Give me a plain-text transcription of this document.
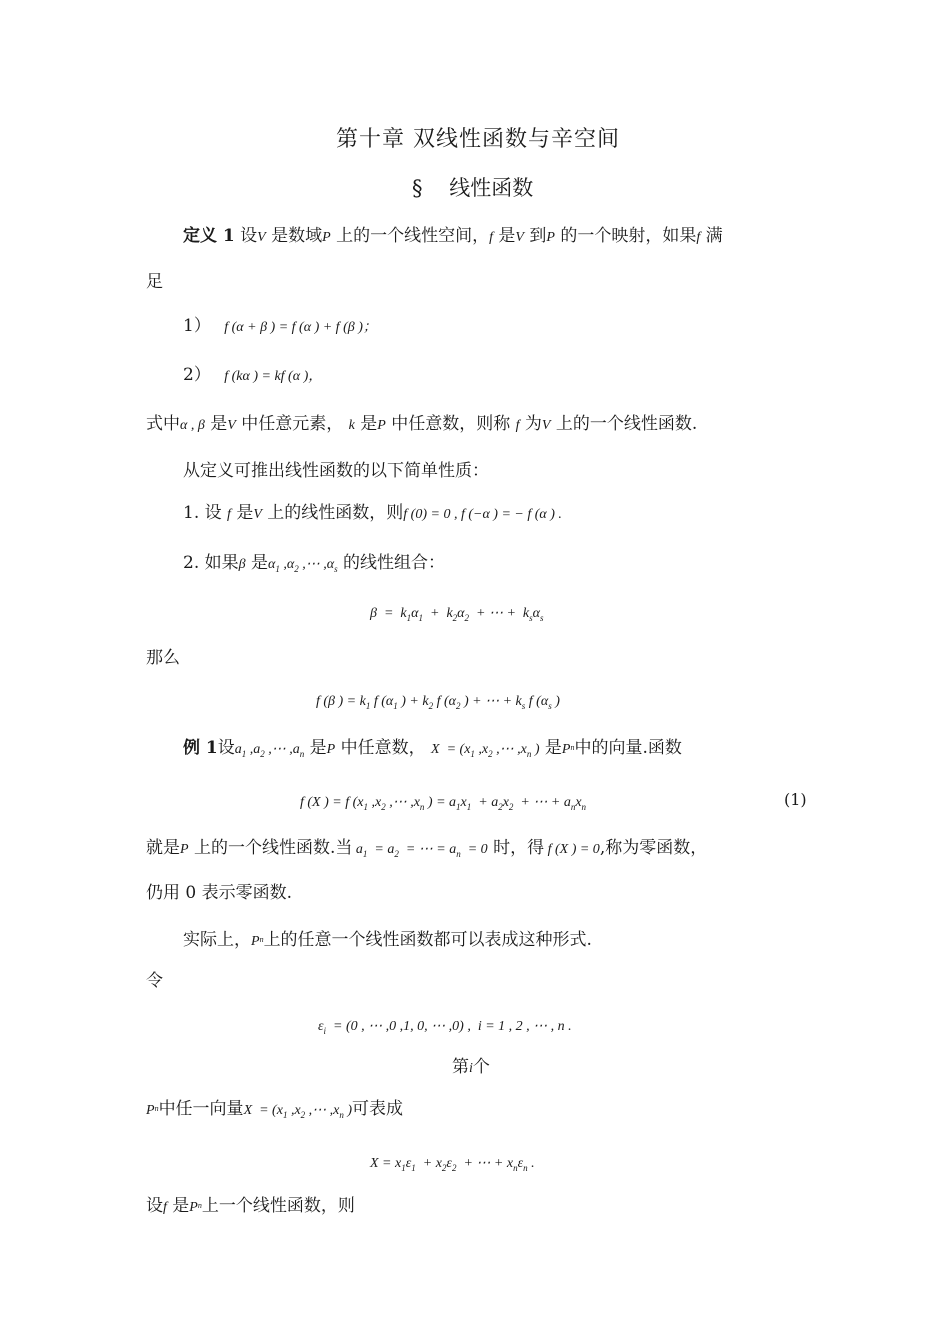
第十章 双线性函数与辛空间
§    线性函数
定义 1 设V 是数域P 上的一个线性空间，f 是V 到P 的一个映射，如果f 满
足
1） f (α + β ) = f (α ) + f (β )；
2） f (kα ) = kf (α )，
式中α , β 是V 中任意元素， k 是P 中任意数，则称 f 为V 上的一个线性函数.
从定义可推出线性函数的以下简单性质：
1. 设 f 是V 上的线性函数，则f (0) = 0 , f (−α ) = − f (α ) .
2. 如果β 是$\alpha_1$ $,\alpha_2$ ,⋯ $,\alpha_s$ 的线性组合：
$\beta = k_1\alpha_1 + k_2\alpha_2$  + ⋯ +  $k_s\alpha_s$
那么
f (β ) = $k_1$ f ($\alpha_1$ ) + $k_2$ f ($\alpha_2$ ) + ⋯ + $k_s$ f ($\alpha_s$ )
例 1设$a_1$ $,a_2$ ,⋯ $,a_n$ 是P 中任意数， $X = (x_1$ $,x_2$ ,⋯ $,x_n$ ) 是$P^n$中的向量.函数
f (X ) = f ($x_1$ $,x_2$ ,⋯ $,x_n$ ) = $a_1x_1 + a_2x_2$  + ⋯ + $a_nx_n$	(1)
就是P 上的一个线性函数.当 $a_1 = a_2$  = ⋯ = $a_n = 0$ 时，得 f (X ) = 0,称为零函数，
仍用 0 表示零函数.
实际上，$P^n$上的任意一个线性函数都可以表成这种形式.
令
$\varepsilon_i = (0$ , ⋯ ,0 ,1, 0, ⋯ ,0) ,  i = 1 , 2 , ⋯ , n .
第i个
$P^n$中任一向量$X = (x_1$ $,x_2$ ,⋯ $,x_n$ )可表成
$X = x_1\varepsilon_1 + x_2\varepsilon_2$  + ⋯ + $x_n\varepsilon_n$ .
设f 是$P^n$上一个线性函数，则
